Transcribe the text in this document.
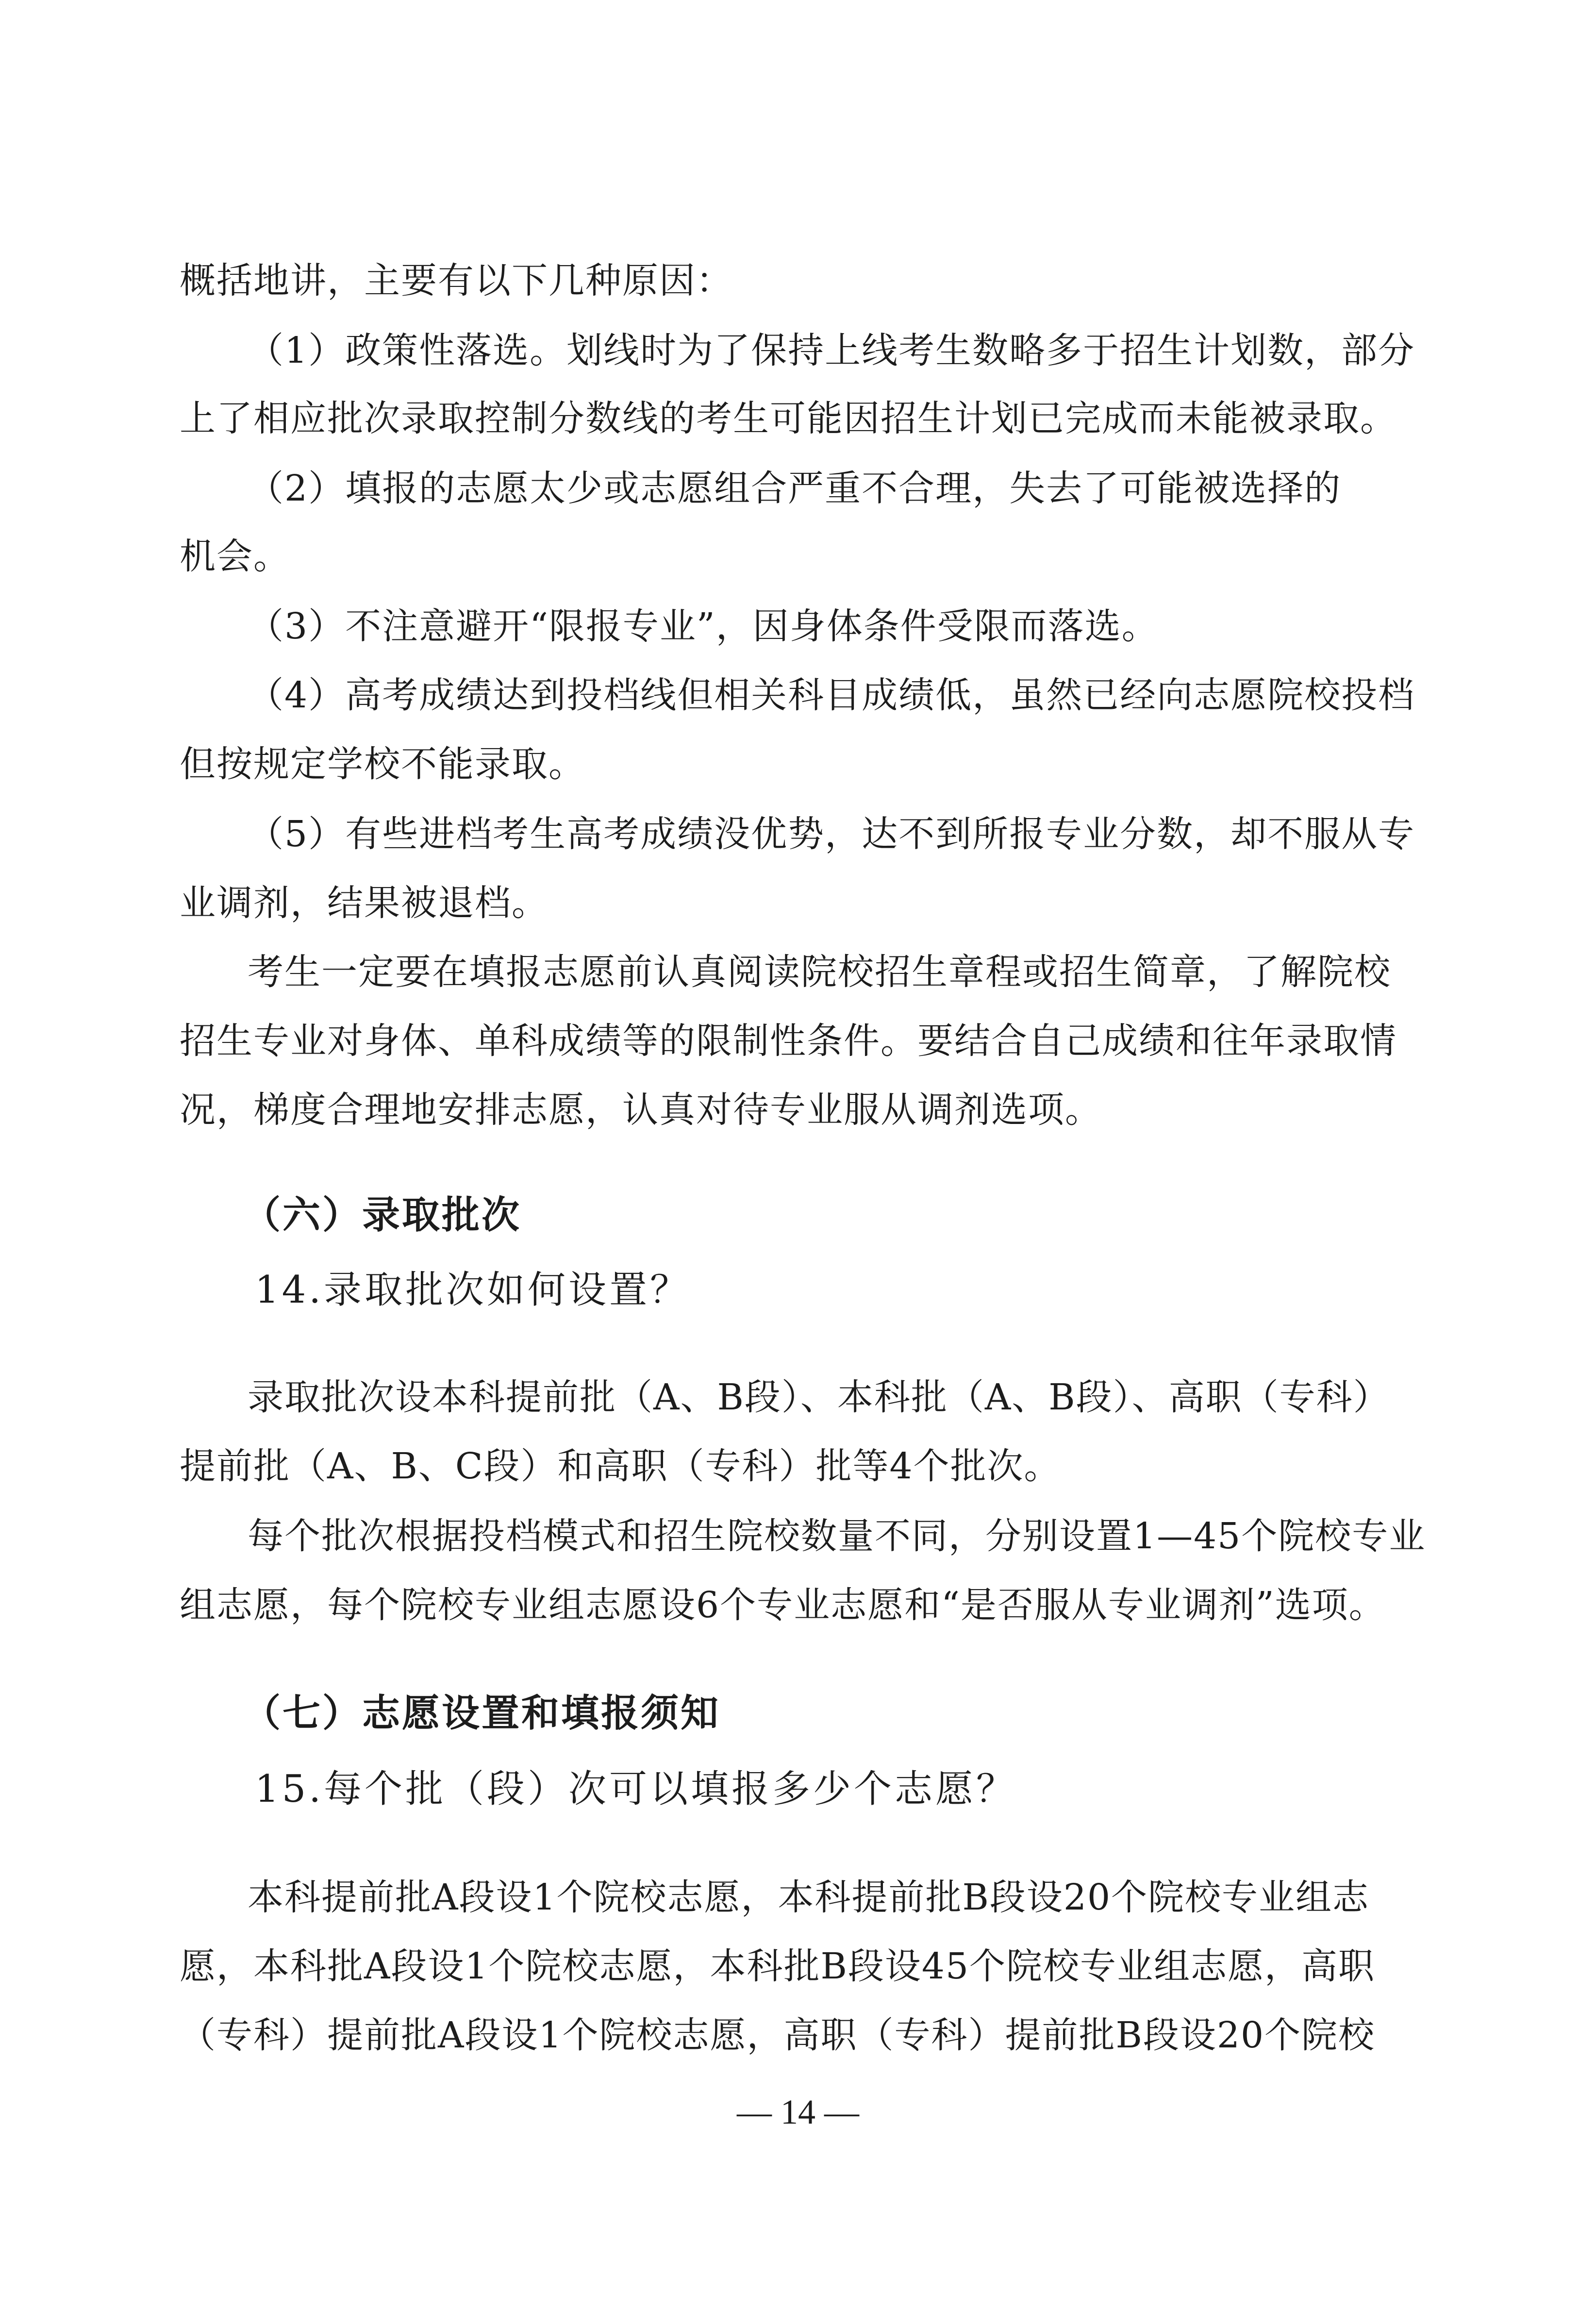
概括地讲，主要有以下几种原因：
（1）政策性落选。划线时为了保持上线考生数略多于招生计划数，部分
上了相应批次录取控制分数线的考生可能因招生计划已完成而未能被录取。
（2）填报的志愿太少或志愿组合严重不合理，失去了可能被选择的
机会。
（3）不注意避开“限报专业”，因身体条件受限而落选。
（4）高考成绩达到投档线但相关科目成绩低，虽然已经向志愿院校投档
但按规定学校不能录取。
（5）有些进档考生高考成绩没优势，达不到所报专业分数，却不服从专
业调剂，结果被退档。
考生一定要在填报志愿前认真阅读院校招生章程或招生简章，了解院校
招生专业对身体、单科成绩等的限制性条件。要结合自己成绩和往年录取情
况，梯度合理地安排志愿，认真对待专业服从调剂选项。
（六）录取批次
14.录取批次如何设置？
录取批次设本科提前批（A、B段）、本科批（A、B段）、高职（专科）
提前批（A、B、C段）和高职（专科）批等4个批次。
每个批次根据投档模式和招生院校数量不同，分别设置1—45个院校专业
组志愿，每个院校专业组志愿设6个专业志愿和“是否服从专业调剂”选项。
（七）志愿设置和填报须知
15.每个批（段）次可以填报多少个志愿？
本科提前批A段设1个院校志愿，本科提前批B段设20个院校专业组志
愿，本科批A段设1个院校志愿，本科批B段设45个院校专业组志愿，高职
（专科）提前批A段设1个院校志愿，高职（专科）提前批B段设20个院校
— 14 —
